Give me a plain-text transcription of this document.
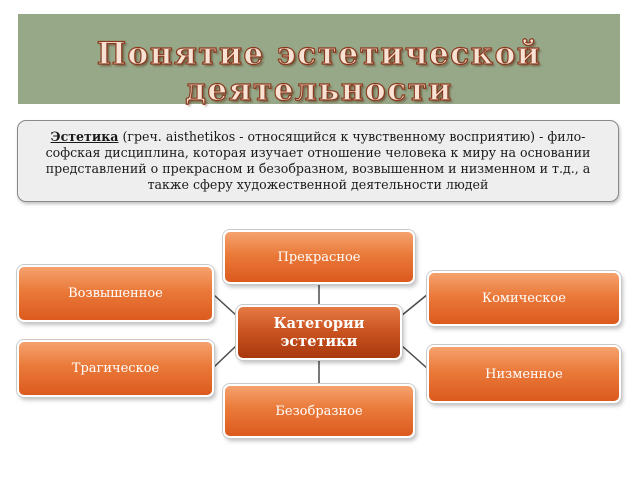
Понятие эстетической деятельности
Эстетика (греч. aisthetikos - относящийся к чувственному восприятию) - фило-
софская дисциплина, которая изучает отношение человека к миру на основании
представлений о прекрасном и безобразном, возвышенном и низменном и т.д., а
также сферу художественной деятельности людей
Прекрасное
Возвышенное	Комическое
Категории
эстетики
Трагическое	Низменное
Безобразное
